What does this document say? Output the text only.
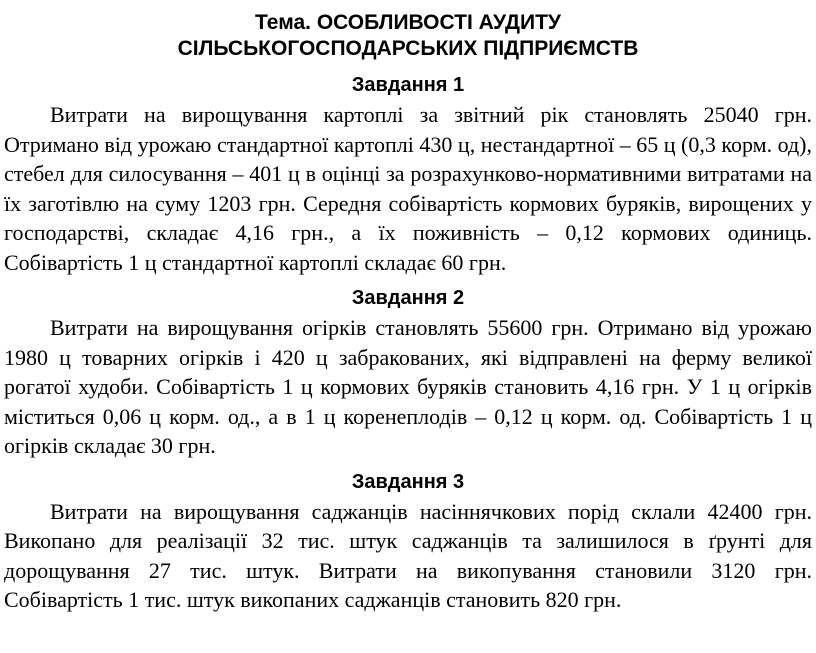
Тема. ОСОБЛИВОСТІ АУДИТУ
СІЛЬСЬКОГОСПОДАРСЬКИХ ПІДПРИЄМСТВ
Завдання 1

Витрати на вирощування картоплі за звітний рік становлять 25040 грн. Отримано від урожаю стандартної картоплі 430 ц, нестандартної – 65 ц (0,3 корм. од), стебел для силосування – 401 ц в оцінці за розрахунково-нормативними витратами на їх заготівлю на суму 1203 грн. Середня собівартість кормових буряків, вирощених у господарстві, складає 4,16 грн., а їх поживність – 0,12 кормових одиниць. Собівартість 1 ц стандартної картоплі складає 60 грн.

Завдання 2

Витрати на вирощування огірків становлять 55600 грн. Отримано від урожаю 1980 ц товарних огірків і 420 ц забракованих, які відправлені на ферму великої рогатої худоби. Собівартість 1 ц кормових буряків становить 4,16 грн. У 1 ц огірків міститься 0,06 ц корм. од., а в 1 ц коренеплодів – 0,12 ц корм. од. Собівартість 1 ц огірків складає 30 грн.

Завдання 3

Витрати на вирощування саджанців насіннячкових порід склали 42400 грн. Викопано для реалізації 32 тис. штук саджанців та залишилося в ґрунті для дорощування 27 тис. штук. Витрати на викопування становили 3120 грн. Собівартість 1 тис. штук викопаних саджанців становить 820 грн.
